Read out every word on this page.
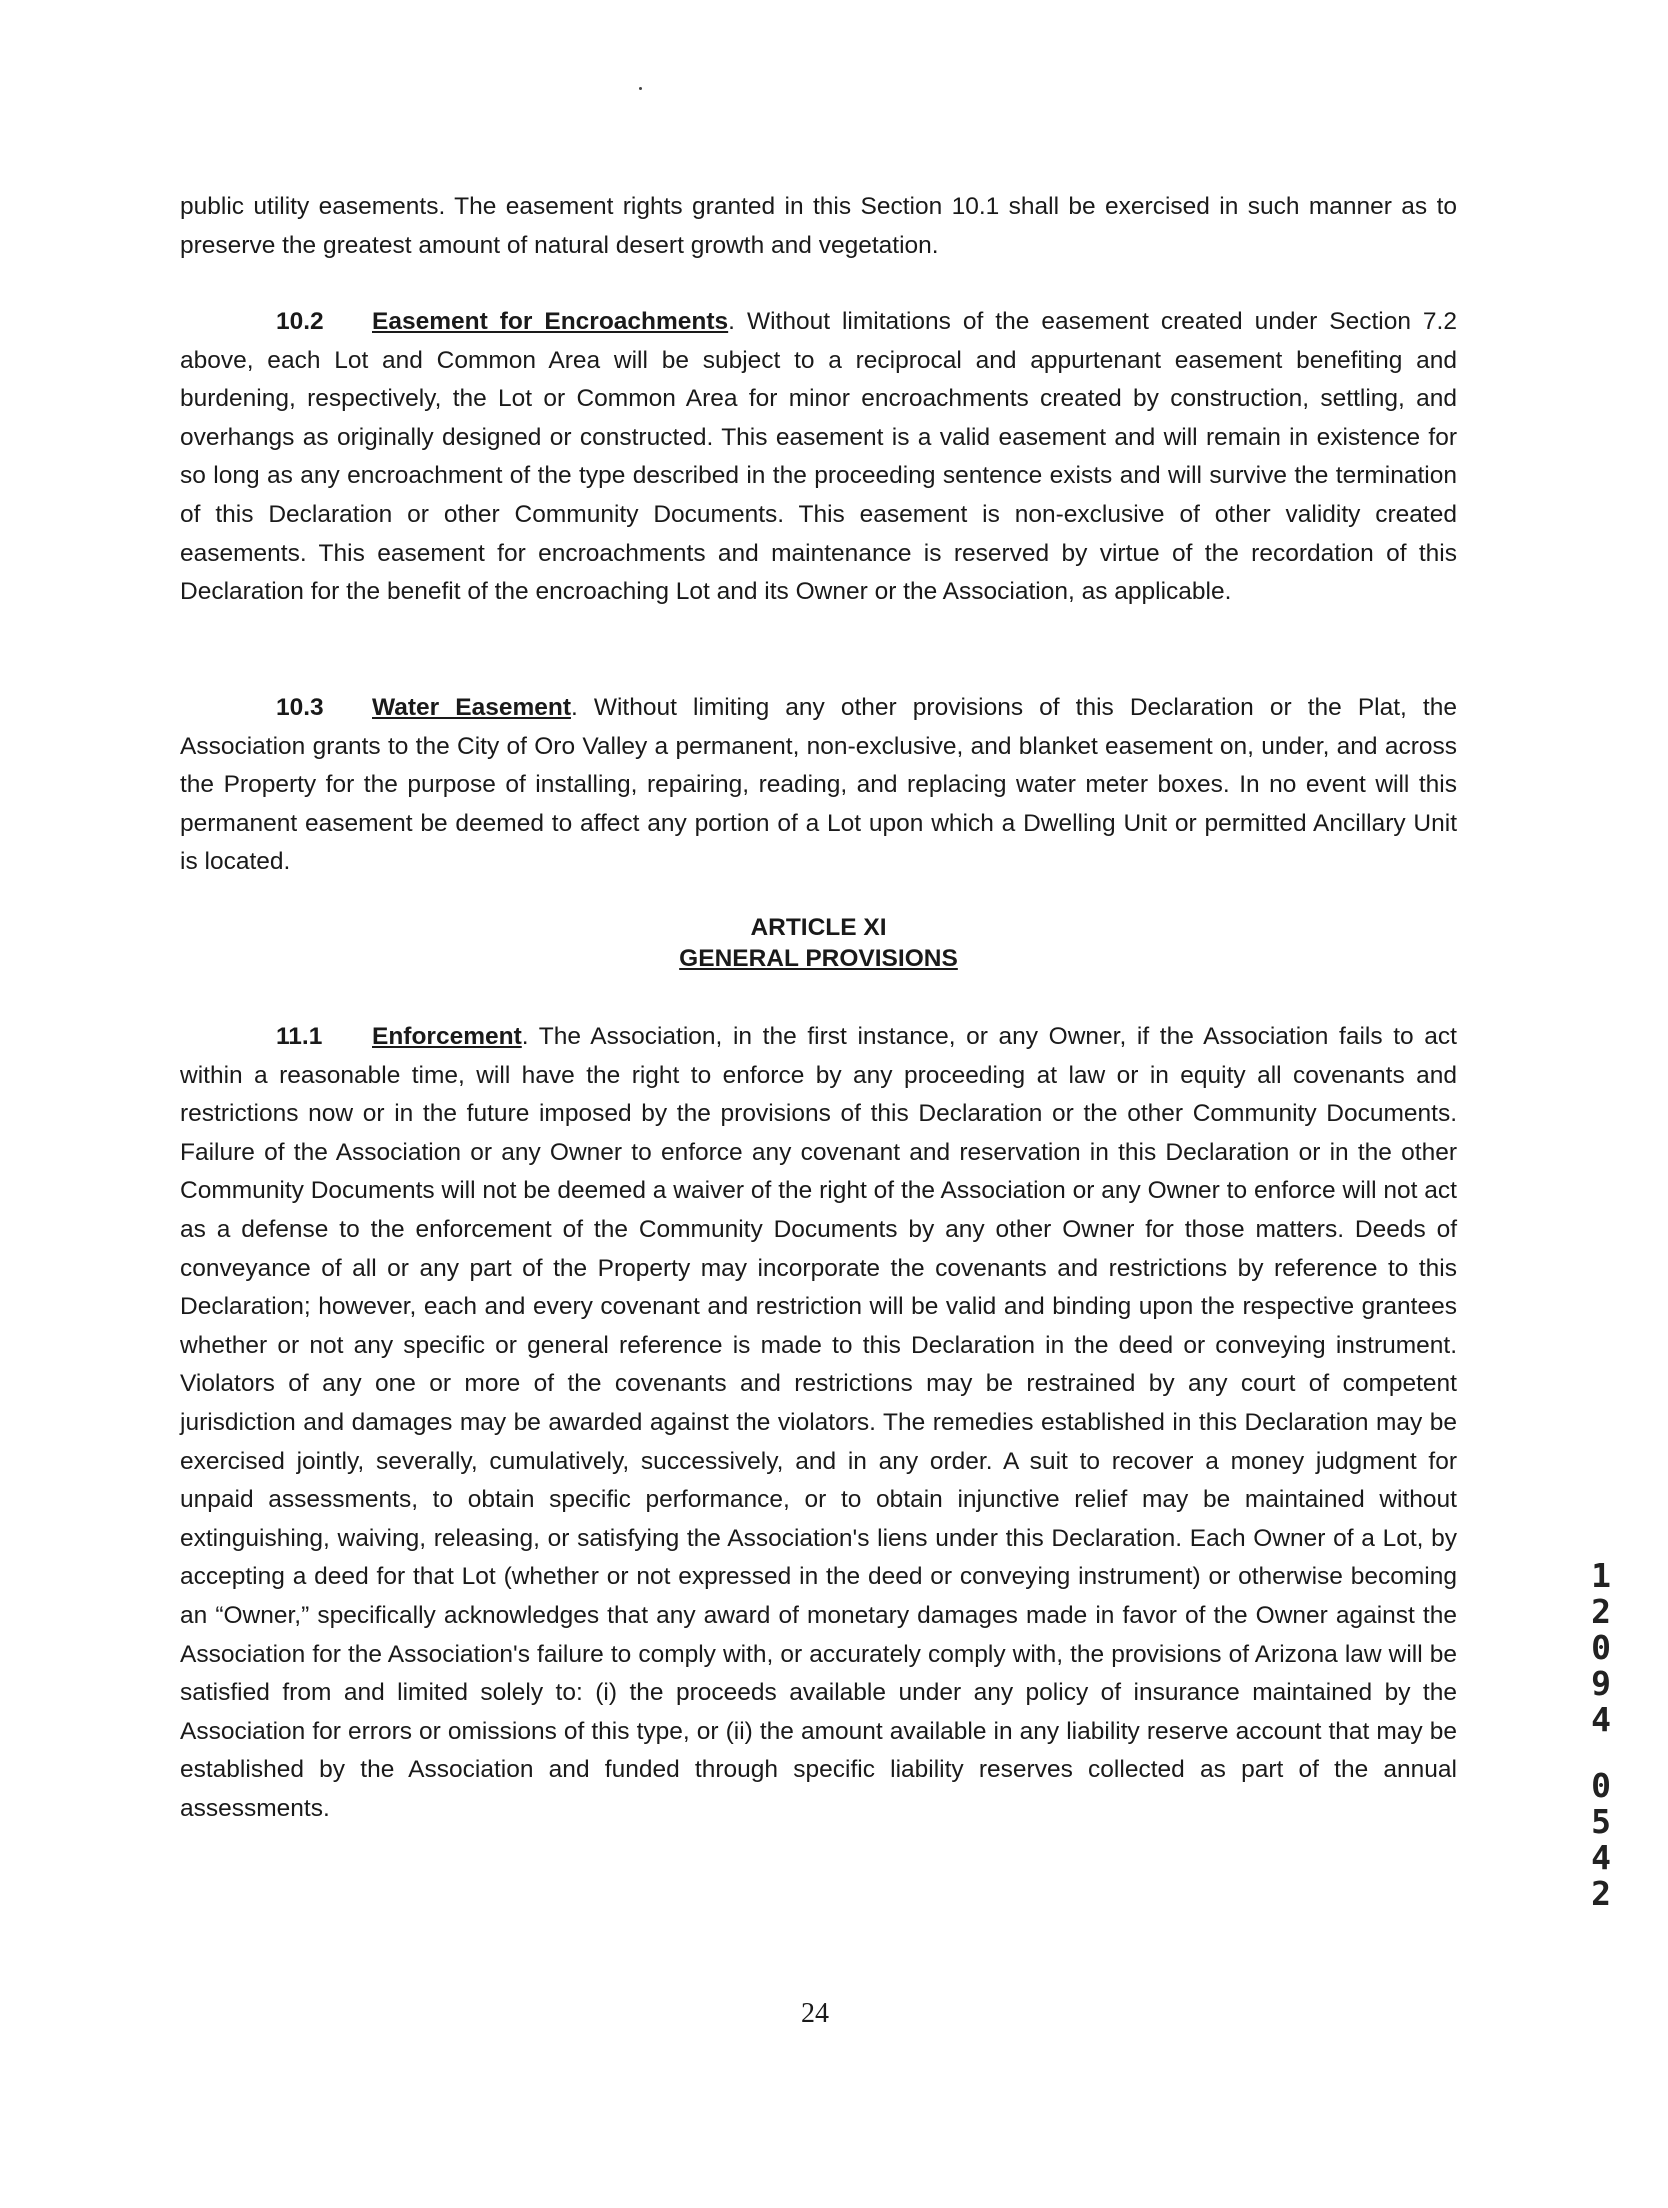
public utility easements. The easement rights granted in this Section 10.1 shall be exercised in such manner as to preserve the greatest amount of natural desert growth and vegetation.

10.2 Easement for Encroachments. Without limitations of the easement created under Section 7.2 above, each Lot and Common Area will be subject to a reciprocal and appurtenant easement benefiting and burdening, respectively, the Lot or Common Area for minor encroachments created by construction, settling, and overhangs as originally designed or constructed. This easement is a valid easement and will remain in existence for so long as any encroachment of the type described in the proceeding sentence exists and will survive the termination of this Declaration or other Community Documents. This easement is non-exclusive of other validity created easements. This easement for encroachments and maintenance is reserved by virtue of the recordation of this Declaration for the benefit of the encroaching Lot and its Owner or the Association, as applicable.

10.3 Water Easement. Without limiting any other provisions of this Declaration or the Plat, the Association grants to the City of Oro Valley a permanent, non-exclusive, and blanket easement on, under, and across the Property for the purpose of installing, repairing, reading, and replacing water meter boxes. In no event will this permanent easement be deemed to affect any portion of a Lot upon which a Dwelling Unit or permitted Ancillary Unit is located.

ARTICLE XI
GENERAL PROVISIONS

11.1 Enforcement. The Association, in the first instance, or any Owner, if the Association fails to act within a reasonable time, will have the right to enforce by any proceeding at law or in equity all covenants and restrictions now or in the future imposed by the provisions of this Declaration or the other Community Documents. Failure of the Association or any Owner to enforce any covenant and reservation in this Declaration or in the other Community Documents will not be deemed a waiver of the right of the Association or any Owner to enforce will not act as a defense to the enforcement of the Community Documents by any other Owner for those matters. Deeds of conveyance of all or any part of the Property may incorporate the covenants and restrictions by reference to this Declaration; however, each and every covenant and restriction will be valid and binding upon the respective grantees whether or not any specific or general reference is made to this Declaration in the deed or conveying instrument. Violators of any one or more of the covenants and restrictions may be restrained by any court of competent jurisdiction and damages may be awarded against the violators. The remedies established in this Declaration may be exercised jointly, severally, cumulatively, successively, and in any order. A suit to recover a money judgment for unpaid assessments, to obtain specific performance, or to obtain injunctive relief may be maintained without extinguishing, waiving, releasing, or satisfying the Association's liens under this Declaration. Each Owner of a Lot, by accepting a deed for that Lot (whether or not expressed in the deed or conveying instrument) or otherwise becoming an “Owner,” specifically acknowledges that any award of monetary damages made in favor of the Owner against the Association for the Association's failure to comply with, or accurately comply with, the provisions of Arizona law will be satisfied from and limited solely to: (i) the proceeds available under any policy of insurance maintained by the Association for errors or omissions of this type, or (ii) the amount available in any liability reserve account that may be established by the Association and funded through specific liability reserves collected as part of the annual assessments.

24
1
2
0
9
4
0
5
4
2
